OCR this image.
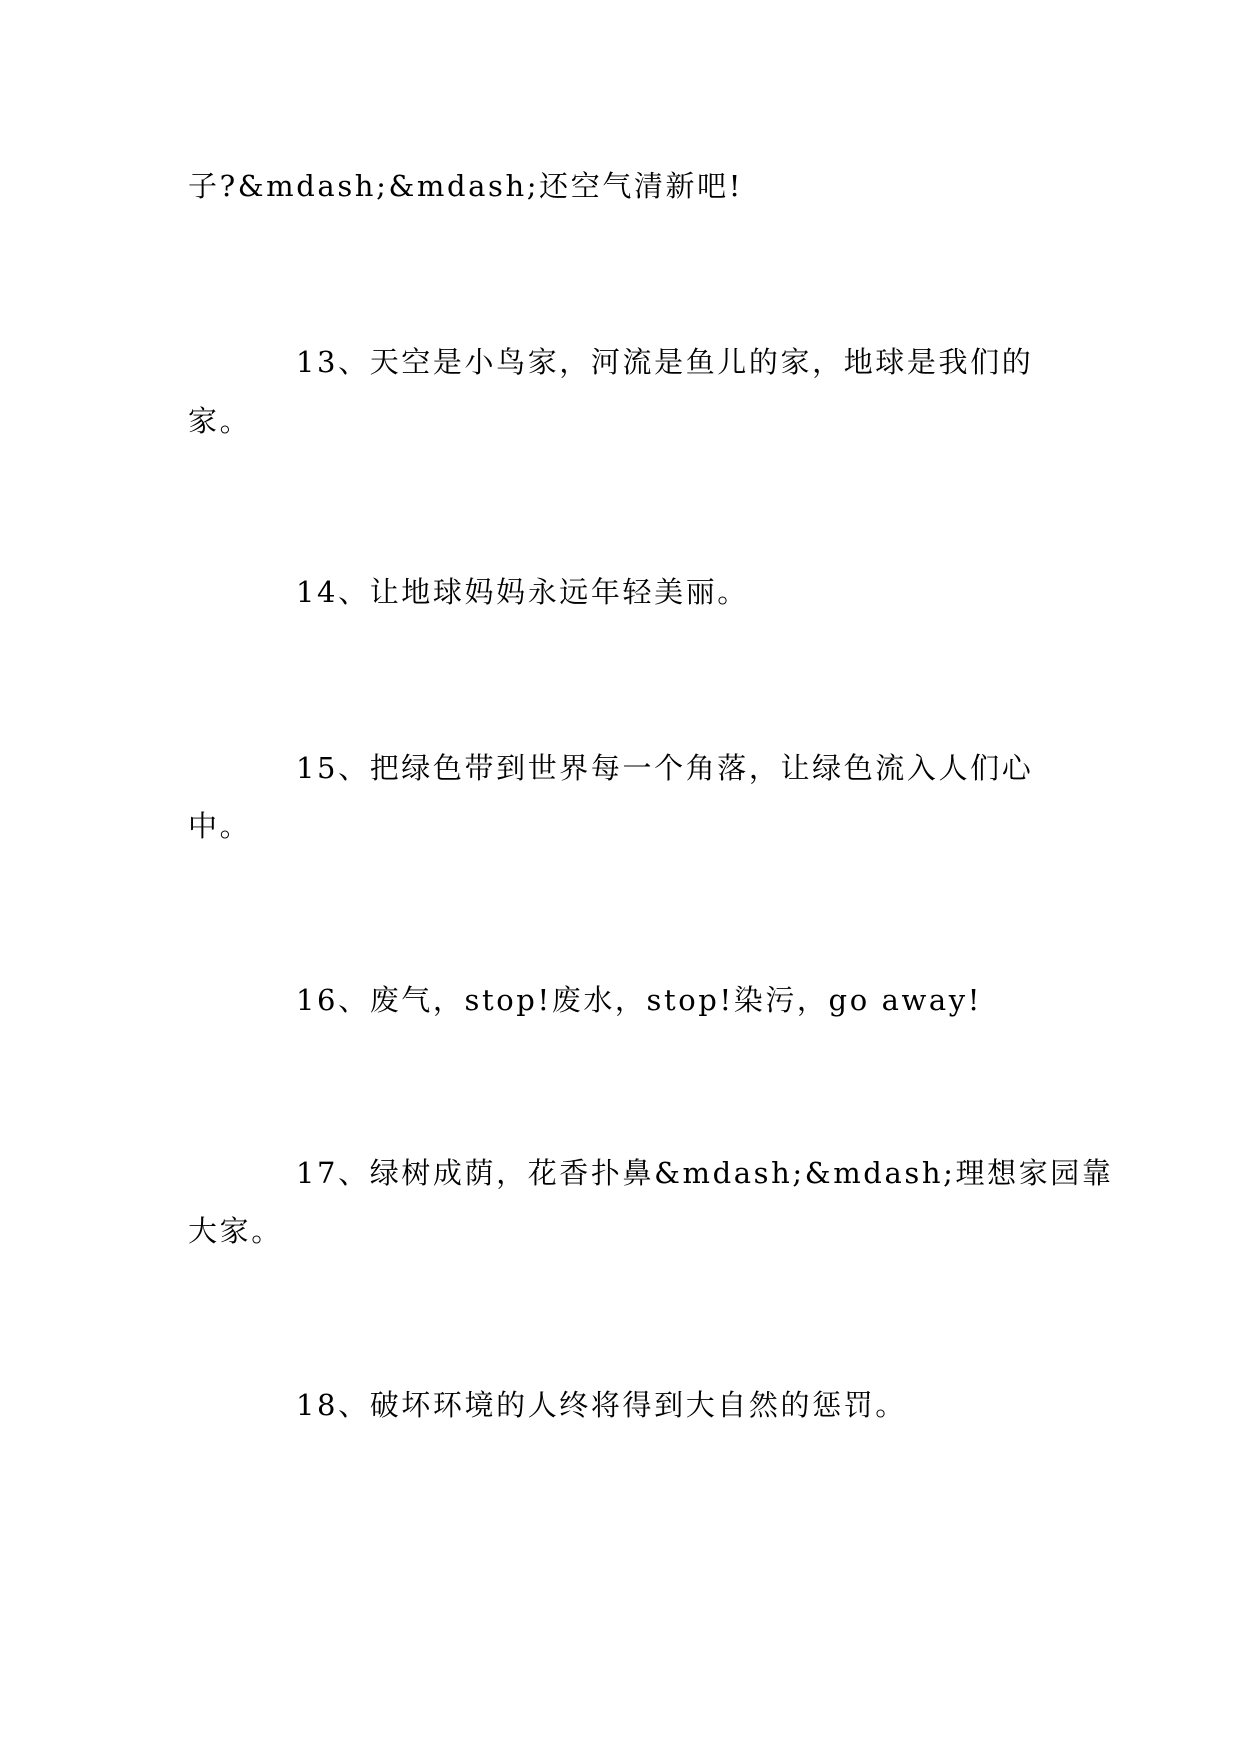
子?&mdash;&mdash;还空气清新吧!
13、天空是小鸟家，河流是鱼儿的家，地球是我们的
家。
14、让地球妈妈永远年轻美丽。
15、把绿色带到世界每一个角落，让绿色流入人们心
中。
16、废气，stop!废水，stop!染污，go away!
17、绿树成荫，花香扑鼻&mdash;&mdash;理想家园靠
大家。
18、破坏环境的人终将得到大自然的惩罚。
